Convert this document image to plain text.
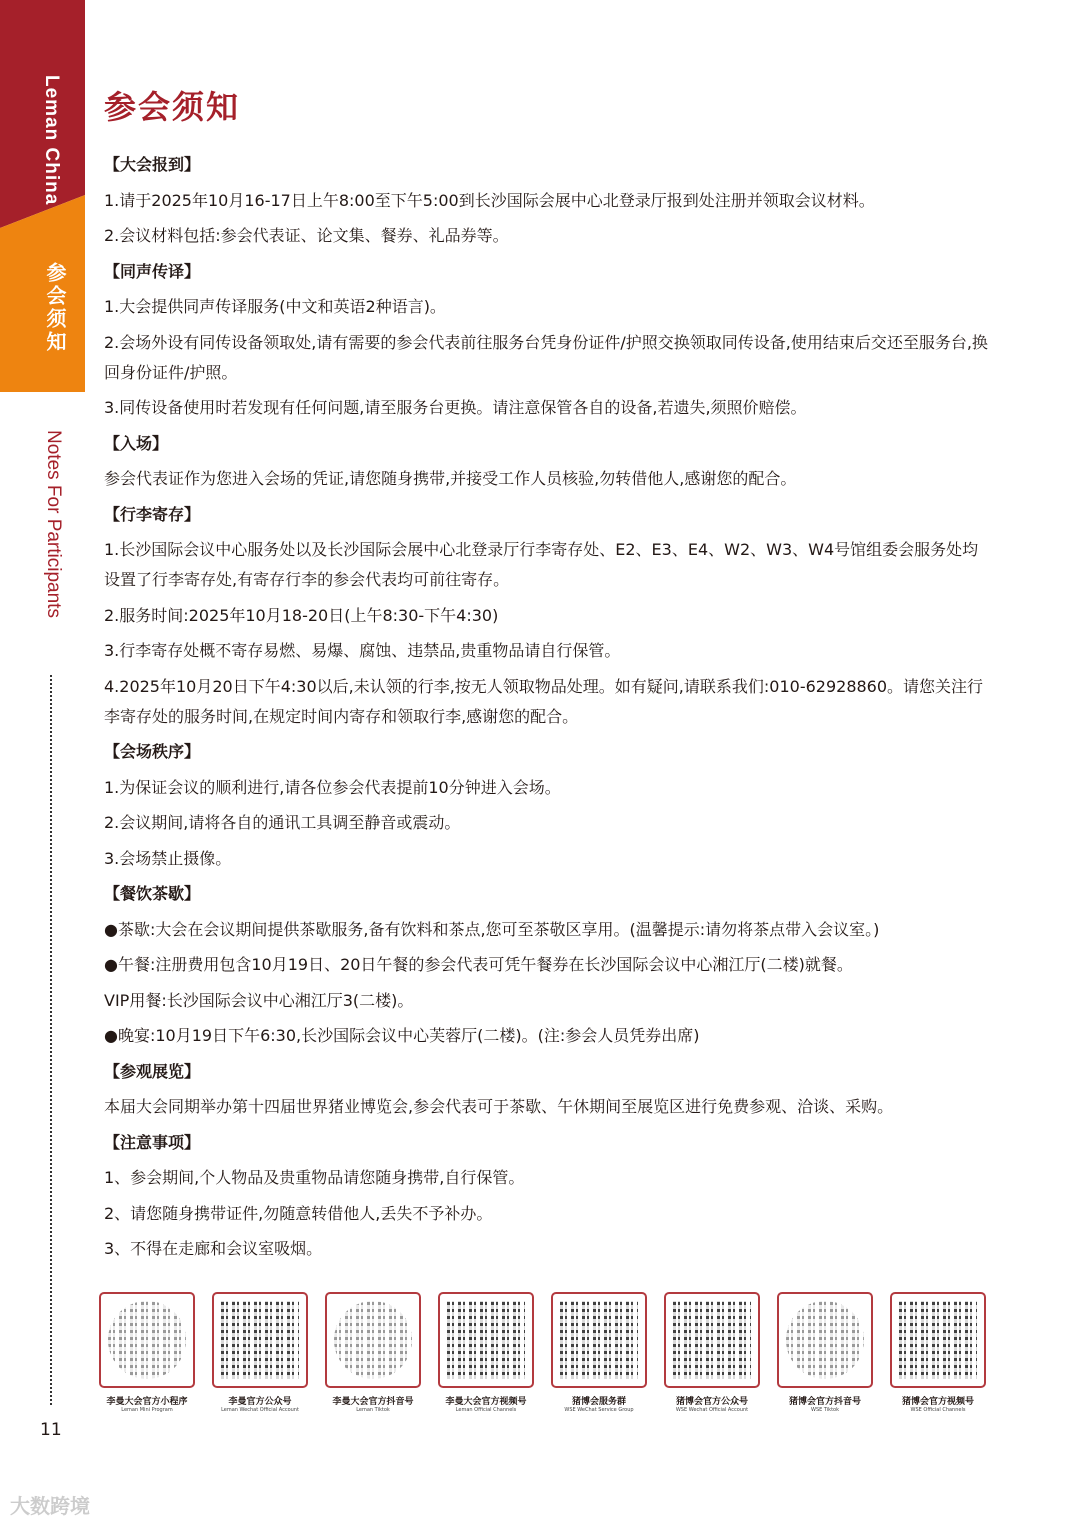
Leman China
参会须知
Notes For Participants
11
参会须知

【大会报到】

1.请于2025年10月16-17日上午8:00至下午5:00到长沙国际会展中心北登录厅报到处注册并领取会议材料。

2.会议材料包括:参会代表证、论文集、餐券、礼品券等。

【同声传译】

1.大会提供同声传译服务(中文和英语2种语言)。

2.会场外设有同传设备领取处,请有需要的参会代表前往服务台凭身份证件/护照交换领取同传设备,使用结束后交还至服务台,换回身份证件/护照。

3.同传设备使用时若发现有任何问题,请至服务台更换。请注意保管各自的设备,若遗失,须照价赔偿。

【入场】

参会代表证作为您进入会场的凭证,请您随身携带,并接受工作人员核验,勿转借他人,感谢您的配合。

【行李寄存】

1.长沙国际会议中心服务处以及长沙国际会展中心北登录厅行李寄存处、E2、E3、E4、W2、W3、W4号馆组委会服务处均设置了行李寄存处,有寄存行李的参会代表均可前往寄存。

2.服务时间:2025年10月18-20日(上午8:30-下午4:30)

3.行李寄存处概不寄存易燃、易爆、腐蚀、违禁品,贵重物品请自行保管。

4.2025年10月20日下午4:30以后,未认领的行李,按无人领取物品处理。如有疑问,请联系我们:010-62928860。请您关注行李寄存处的服务时间,在规定时间内寄存和领取行李,感谢您的配合。

【会场秩序】

1.为保证会议的顺利进行,请各位参会代表提前10分钟进入会场。

2.会议期间,请将各自的通讯工具调至静音或震动。

3.会场禁止摄像。

【餐饮茶歇】

●茶歇:大会在会议期间提供茶歇服务,备有饮料和茶点,您可至茶敬区享用。(温馨提示:请勿将茶点带入会议室。)

●午餐:注册费用包含10月19日、20日午餐的参会代表可凭午餐券在长沙国际会议中心湘江厅(二楼)就餐。

VIP用餐:长沙国际会议中心湘江厅3(二楼)。

●晚宴:10月19日下午6:30,长沙国际会议中心芙蓉厅(二楼)。(注:参会人员凭券出席)

【参观展览】

本届大会同期举办第十四届世界猪业博览会,参会代表可于茶歇、午休期间至展览区进行免费参观、洽谈、采购。

【注意事项】

1、参会期间,个人物品及贵重物品请您随身携带,自行保管。

2、请您随身携带证件,勿随意转借他人,丢失不予补办。

3、不得在走廊和会议室吸烟。

李曼大会官方小程序
Leman Mini Program
李曼官方公众号
Leman Wechat Official Account
李曼大会官方抖音号
Leman Tiktok
李曼大会官方视频号
Leman Official Channels
猪博会服务群
WSE WeChat Service Group
猪博会官方公众号
WSE Wechat Official Account
猪博会官方抖音号
WSE Tiktok
猪博会官方视频号
WSE Official Channels
大数跨境
